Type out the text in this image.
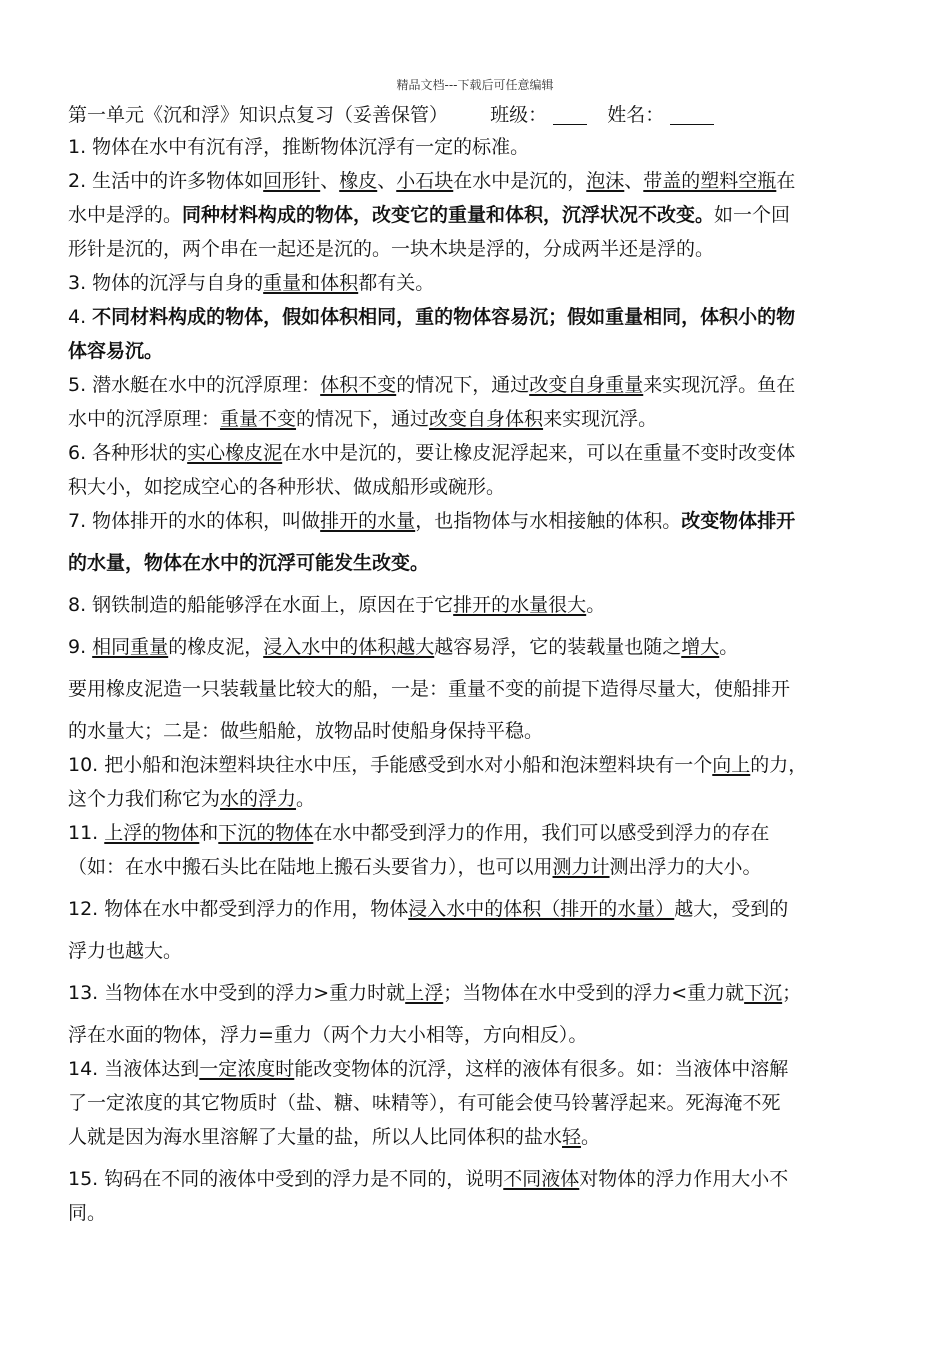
精品文档---下载后可任意编辑
第一单元《沉和浮》知识点复习（妥善保管） 班级：	姓名：
1. 物体在水中有沉有浮，推断物体沉浮有一定的标准。
2. 生活中的许多物体如回形针、橡皮、小石块在水中是沉的，泡沫、带盖的塑料空瓶在
水中是浮的。同种材料构成的物体，改变它的重量和体积，沉浮状况不改变。如一个回
形针是沉的，两个串在一起还是沉的。一块木块是浮的，分成两半还是浮的。
3. 物体的沉浮与自身的重量和体积都有关。
4. 不同材料构成的物体，假如体积相同，重的物体容易沉；假如重量相同，体积小的物
体容易沉。
5. 潜水艇在水中的沉浮原理：体积不变的情况下，通过改变自身重量来实现沉浮。鱼在
水中的沉浮原理：重量不变的情况下，通过改变自身体积来实现沉浮。
6. 各种形状的实心橡皮泥在水中是沉的，要让橡皮泥浮起来，可以在重量不变时改变体
积大小，如挖成空心的各种形状、做成船形或碗形。
7. 物体排开的水的体积，叫做排开的水量，也指物体与水相接触的体积。改变物体排开
的水量，物体在水中的沉浮可能发生改变。
8. 钢铁制造的船能够浮在水面上，原因在于它排开的水量很大。
9. 相同重量的橡皮泥，浸入水中的体积越大越容易浮，它的装载量也随之增大。
要用橡皮泥造一只装载量比较大的船，一是：重量不变的前提下造得尽量大，使船排开
的水量大；二是：做些船舱，放物品时使船身保持平稳。
10. 把小船和泡沫塑料块往水中压，手能感受到水对小船和泡沫塑料块有一个向上的力，
这个力我们称它为水的浮力。
11. 上浮的物体和下沉的物体在水中都受到浮力的作用，我们可以感受到浮力的存在
（如：在水中搬石头比在陆地上搬石头要省力），也可以用测力计测出浮力的大小。
12. 物体在水中都受到浮力的作用，物体浸入水中的体积（排开的水量）越大，受到的
浮力也越大。
13. 当物体在水中受到的浮力>重力时就上浮；当物体在水中受到的浮力<重力就下沉；
浮在水面的物体，浮力=重力（两个力大小相等，方向相反）。
14. 当液体达到一定浓度时能改变物体的沉浮，这样的液体有很多。如：当液体中溶解
了一定浓度的其它物质时（盐、糖、味精等），有可能会使马铃薯浮起来。死海淹不死
人就是因为海水里溶解了大量的盐，所以人比同体积的盐水轻。
15. 钩码在不同的液体中受到的浮力是不同的，说明不同液体对物体的浮力作用大小不
同。
